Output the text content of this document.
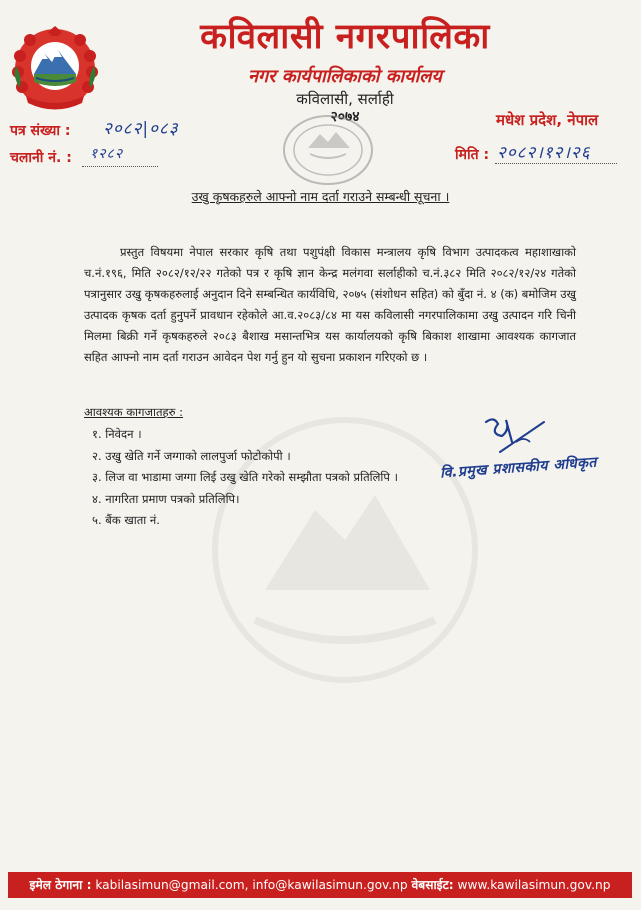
कविलासी नगरपालिका
नगर कार्यपालिकाको कार्यालय
कविलासी, सर्लाही
२०७४
पत्र संख्या : २०८२|०८३
चलानी नं. : १२८२
मधेश प्रदेश, नेपाल
मिति : २०८२।१२।२६
उखु कृषकहरुले आफ्नो नाम दर्ता गराउने सम्बन्धी सूचना ।
प्रस्तुत विषयमा नेपाल सरकार कृषि तथा पशुपंक्षी विकास मन्त्रालय कृषि विभाग उत्पादकत्व महाशाखाको च.नं.१९६, मिति २०८२/१२/२२ गतेको पत्र र कृषि ज्ञान केन्द्र मलंगवा सर्लाहीको च.नं.३८२ मिति २०८२/१२/२४ गतेको पत्रानुसार उखु कृषकहरुलाई अनुदान दिने सम्बन्धित कार्यविधि, २०७५ (संशोधन सहित) को बुँदा नं. ४ (क) बमोजिम उखु उत्पादक कृषक दर्ता हुनुपर्ने प्रावधान रहेकोले आ.व.२०८३/८४ मा यस कविलासी नगरपालिकामा उखु उत्पादन गरि चिनी मिलमा बिक्री गर्ने कृषकहरुले २०८३ बैशाख मसान्तभित्र यस कार्यालयको कृषि बिकाश शाखामा आवश्यक कागजात सहित आफ्नो नाम दर्ता गराउन आवेदन पेश गर्नु हुन यो सुचना प्रकाशन गरिएको छ ।
आवश्यक कागजातहरु :
१. निवेदन ।
२. उखु खेति गर्ने जग्गाको लालपुर्जा फोटोकोपी ।
३. लिज वा भाडामा जग्गा लिई उखु खेति गरेको सम्झौता पत्रको प्रतिलिपि ।
४. नागरिता प्रमाण पत्रको प्रतिलिपि।
५. बैंक खाता नं.
वि.प्रमुख प्रशासकीय अधिकृत
इमेल ठेगाना : kabilasimun@gmail.com, info@kawilasimun.gov.np वेबसाईट: www.kawilasimun.gov.np
